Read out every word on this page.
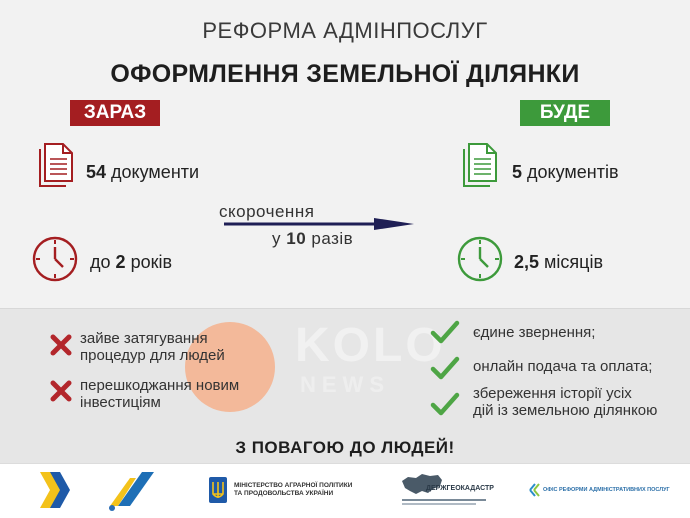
РЕФОРМА АДМІНПОСЛУГ
ОФОРМЛЕННЯ ЗЕМЕЛЬНОЇ ДІЛЯНКИ
ЗАРАЗ	БУДЕ
54 документи
до 2 років
скорочення
у 10 разів
5 документів
2,5 місяців
KOLO
NEWS
зайве затягування
процедур для людей
перешкоджання новим
інвестиціям
єдине звернення;
онлайн подача та оплата;
збереження історії усіх
дій із земельною ділянкою
З ПОВАГОЮ ДО ЛЮДЕЙ!
МІНІСТЕРСТВО АГРАРНОЇ ПОЛІТИКИ
ТА ПРОДОВОЛЬСТВА УКРАЇНИ
ДЕРЖГЕОКАДАСТР	ОФІС РЕФОРМИ АДМІНІСТРАТИВНИХ ПОСЛУГ
